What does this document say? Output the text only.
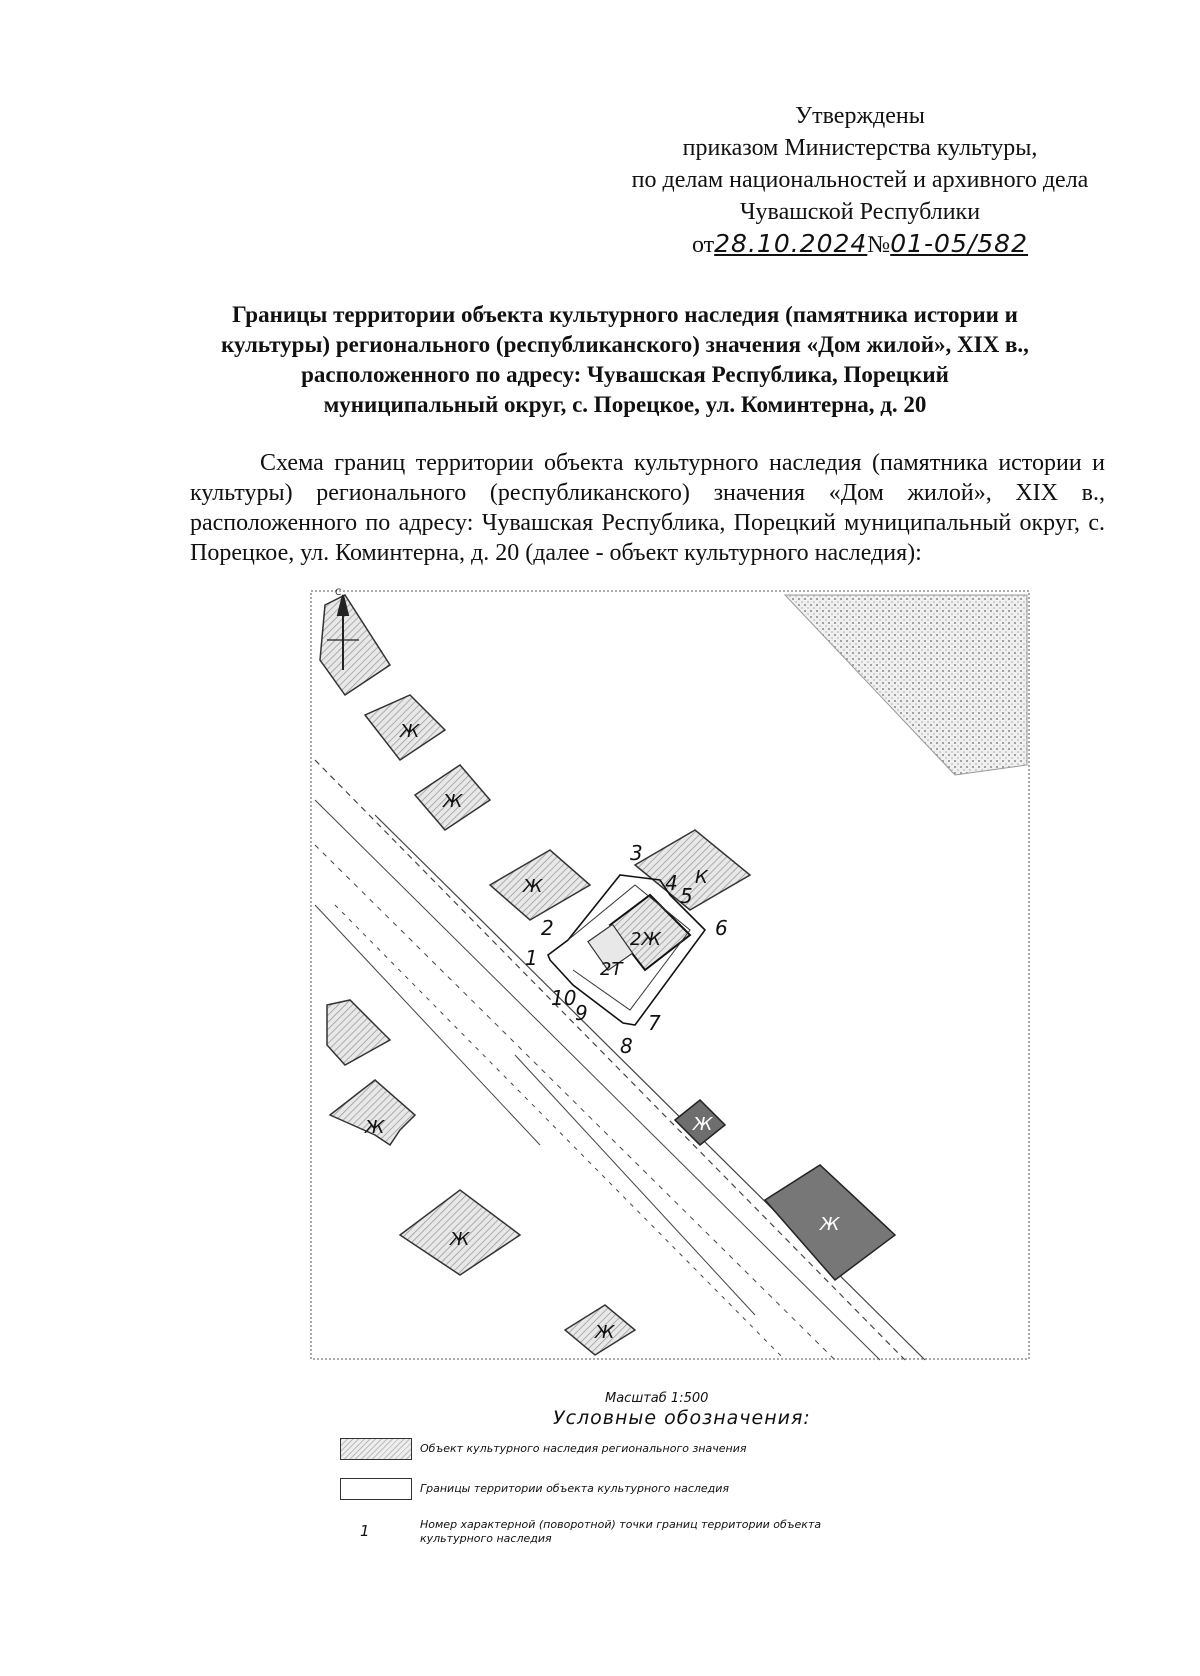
Утверждены
приказом Министерства культуры,
по делам национальностей и архивного дела
Чувашской Республики
от28.10.2024№01-05/582
Границы территории объекта культурного наследия (памятника истории и
культуры) регионального (республиканского) значения «Дом жилой», XIX в.,
расположенного по адресу: Чувашская Республика, Порецкий
муниципальный округ, с. Порецкое, ул. Коминтерна, д. 20
Схема границ территории объекта культурного наследия (памятника истории и культуры) регионального (республиканского) значения «Дом жилой», XIX в., расположенного по адресу: Чувашская Республика, Порецкий муниципальный округ, с. Порецкое, ул. Коминтерна, д. 20 (далее - объект культурного наследия):
С
Ж
Ж
Ж
Ж
Ж
Ж
Ж
Ж
2Ж
2Т
К
1
2
3
4
5
6
7
8
9
10
Масштаб 1:500
Условные обозначения:
Объект культурного наследия регионального значения
Границы территории объекта культурного наследия
1	Номер характерной (поворотной) точки границ территории объекта культурного наследия
